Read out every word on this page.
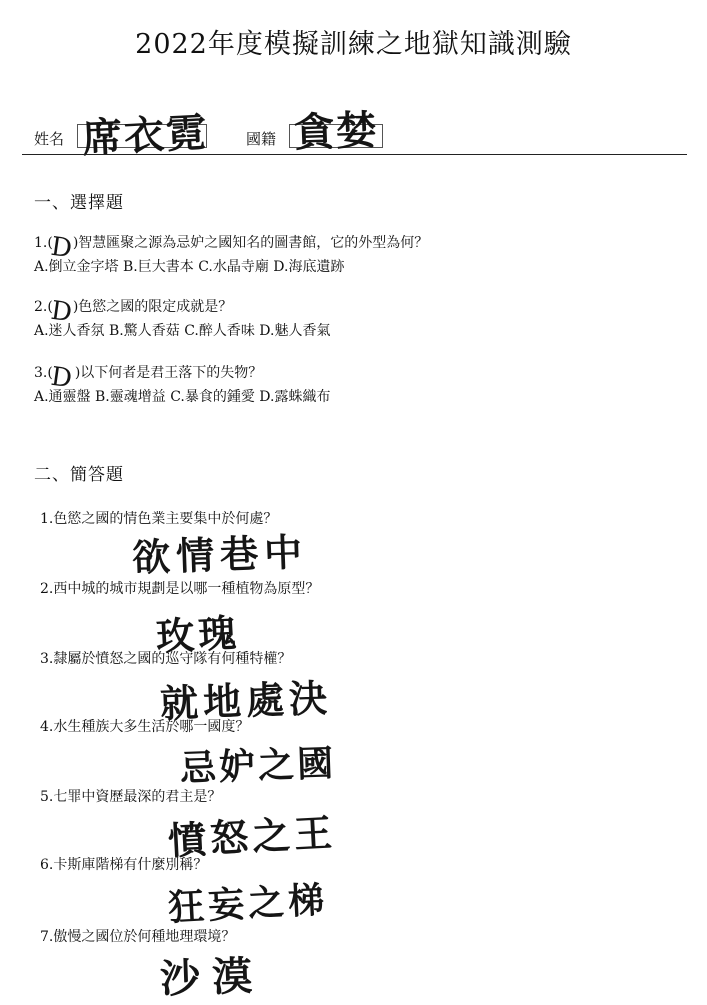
2022年度模擬訓練之地獄知識測驗
姓名 席衣霓 國籍 貪婪
一、選擇題
1.(
D )智慧匯聚之源為忌妒之國知名的圖書館，它的外型為何？
A.倒立金字塔 B.巨大書本 C.水晶寺廟 D.海底遺跡
2.(
D )色慾之國的限定成就是？
A.迷人香氛 B.驚人香菇 C.醉人香味 D.魅人香氣
3.(
D )以下何者是君王落下的失物？
A.通靈盤 B.靈魂增益 C.暴食的鍾愛 D.露蛛織布
二、簡答題
1.色慾之國的情色業主要集中於何處？
欲情巷中
2.西中城的城市規劃是以哪一種植物為原型？
玫瑰
3.隸屬於憤怒之國的巡守隊有何種特權？
就地處決
4.水生種族大多生活於哪一國度？
忌妒之國
5.七罪中資歷最深的君主是？
憤怒之王
6.卡斯庫階梯有什麼別稱？
狂妄之梯
7.傲慢之國位於何種地理環境？
沙漠
